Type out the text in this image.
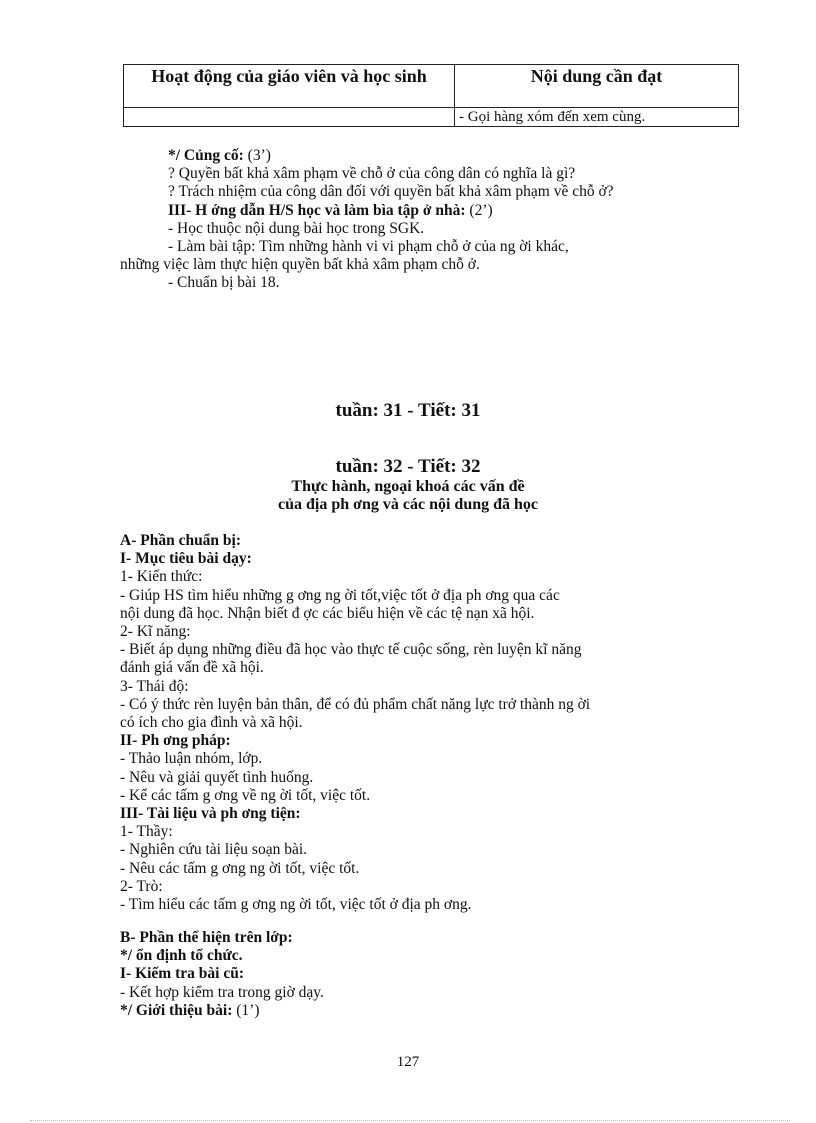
Hoạt động của giáo viên và học sinh	Nội dung cần đạt
	- Gọi hàng xóm đến xem cùng.
*/ Củng cố: (3’)
? Quyền bất khả xâm phạm về chỗ ở của công dân có nghĩa là gì?
? Trách nhiệm của công dân đối với quyền bất khả xâm phạm về chỗ ở?
III- H ớng dẫn H/S học và làm bìa tập ở nhà: (2’)
- Học thuộc nội dung bài học trong SGK.
- Làm bài tập: Tìm những hành vi vi phạm chỗ ở của ng ời khác,
những việc làm thực hiện quyền bất khả xâm phạm chỗ ở.
- Chuẩn bị bài 18.
tuần: 31 - Tiết: 31
tuần: 32 - Tiết: 32
Thực hành, ngoại khoá các vấn đề
của địa ph ơng và các nội dung đã học
A- Phần chuẩn bị:
I- Mục tiêu bài dạy:
1- Kiến thức:
- Giúp HS tìm hiểu những g ơng ng ời tốt,việc tốt ở địa ph ơng qua các
nội dung đã học. Nhận biết đ ợc các biểu hiện về các tệ nạn xã hội.
2- Kĩ năng:
- Biết áp dụng những điều đã học vào thực tế cuộc sống, rèn luyện kĩ năng
đánh giá vấn đề xã hội.
3- Thái độ:
- Có ý thức rèn luyện bản thân, để có đủ phẩm chất năng lực trở thành ng ời
có ích cho gia đình và xã hội.
II- Ph ơng pháp:
- Thảo luận nhóm, lớp.
- Nêu và giải quyết tình huống.
- Kể các tấm g ơng về ng ời tốt, việc tốt.
III- Tài liệu và ph ơng tiện:
1- Thầy:
- Nghiên cứu tài liệu soạn bài.
- Nêu các tấm g ơng ng ời tốt, việc tốt.
2- Trò:
- Tìm hiểu các tấm g ơng ng ời tốt, việc tốt ở địa ph ơng.
B- Phần thể hiện trên lớp:
*/ ổn định tổ chức.
I- Kiểm tra bài cũ:
- Kết hợp kiểm tra trong giờ dạy.
*/ Giới thiệu bài: (1’)
127
